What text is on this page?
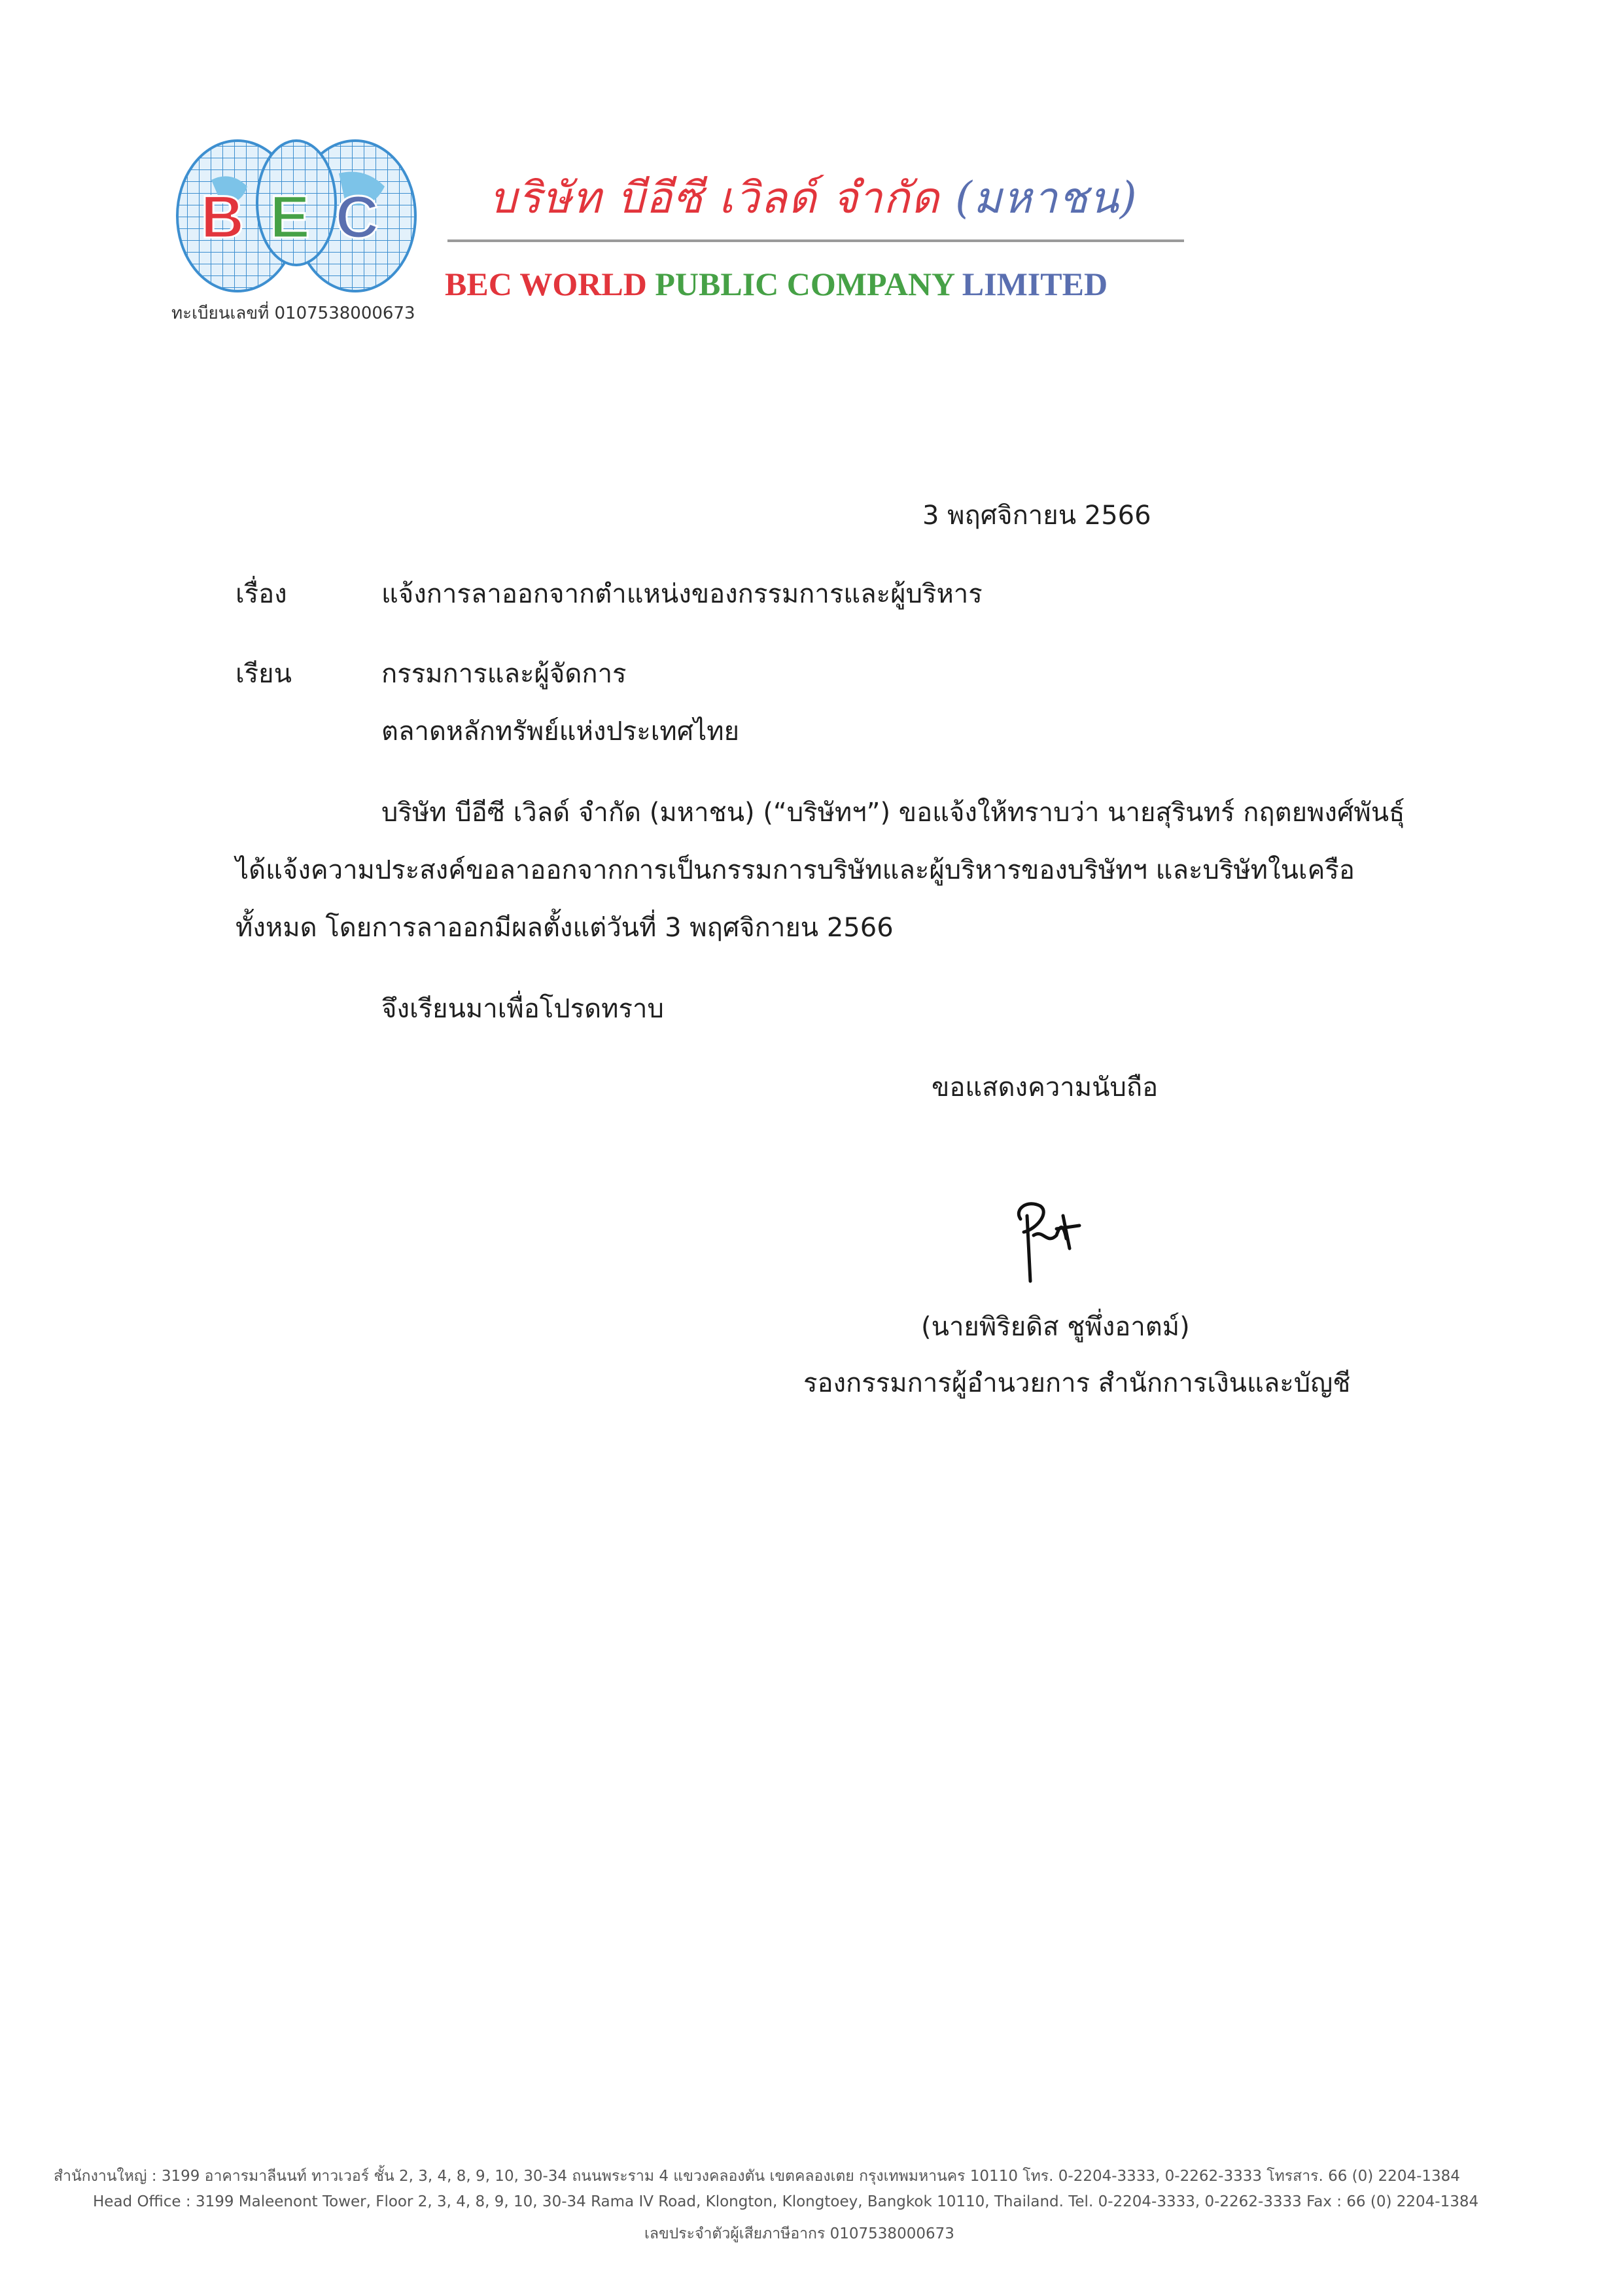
B E C
ทะเบียนเลขที่ 0107538000673
บริษัท บีอีซี เวิลด์ จำกัด (มหาชน)
BEC WORLD PUBLIC COMPANY LIMITED
3 พฤศจิกายน 2566
เรื่อง	แจ้งการลาออกจากตำแหน่งของกรรมการและผู้บริหาร
เรียน	กรรมการและผู้จัดการ
ตลาดหลักทรัพย์แห่งประเทศไทย
บริษัท บีอีซี เวิลด์ จำกัด (มหาชน) (“บริษัทฯ”) ขอแจ้งให้ทราบว่า นายสุรินทร์ กฤตยพงศ์พันธุ์
ได้แจ้งความประสงค์ขอลาออกจากการเป็นกรรมการบริษัทและผู้บริหารของบริษัทฯ และบริษัทในเครือ
ทั้งหมด โดยการลาออกมีผลตั้งแต่วันที่ 3 พฤศจิกายน 2566
จึงเรียนมาเพื่อโปรดทราบ
ขอแสดงความนับถือ
(นายพิริยดิส ชูพึ่งอาตม์)
รองกรรมการผู้อำนวยการ สำนักการเงินและบัญชี
สำนักงานใหญ่ : 3199 อาคารมาลีนนท์ ทาวเวอร์ ชั้น 2, 3, 4, 8, 9, 10, 30-34 ถนนพระราม 4 แขวงคลองตัน เขตคลองเตย กรุงเทพมหานคร 10110 โทร. 0-2204-3333, 0-2262-3333 โทรสาร. 66 (0) 2204-1384
Head Office : 3199 Maleenont Tower, Floor 2, 3, 4, 8, 9, 10, 30-34 Rama IV Road, Klongton, Klongtoey, Bangkok 10110, Thailand. Tel. 0-2204-3333, 0-2262-3333 Fax : 66 (0) 2204-1384
เลขประจำตัวผู้เสียภาษีอากร 0107538000673
